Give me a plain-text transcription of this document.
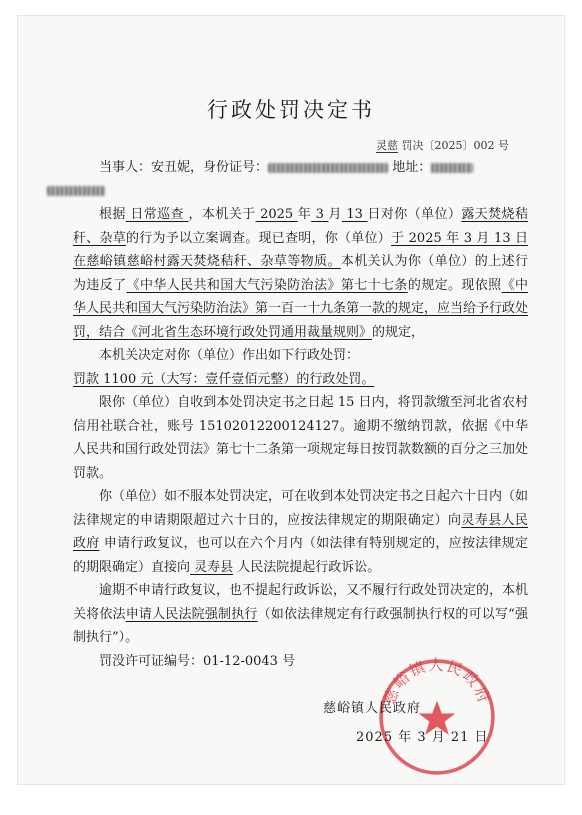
行政处罚决定书
灵慈 罚决〔2025〕002 号

当事人：安丑妮，身份证号：	地址：

根据 日常巡查 ，本机关于 2025 年 3 月 13 日对你（单位）露天焚烧秸秆、杂草的行为予以立案调查。现已查明，你（单位）于 2025 年 3 月 13 日在慈峪镇慈峪村露天焚烧秸秆、杂草等物质。本机关认为你（单位）的上述行为违反了《中华人民共和国大气污染防治法》第七十七条的规定。现依照《中华人民共和国大气污染防治法》第一百一十九条第一款的规定，应当给予行政处罚，结合《河北省生态环境行政处罚通用裁量规则》的规定，

本机关决定对你（单位）作出如下行政处罚：
罚款 1100 元（大写：壹仟壹佰元整）的行政处罚。

限你（单位）自收到本处罚决定书之日起 15 日内，将罚款缴至河北省农村信用社联合社，账号 15102012200124127。逾期不缴纳罚款，依据《中华人民共和国行政处罚法》第七十二条第一项规定每日按罚款数额的百分之三加处罚款。

你（单位）如不服本处罚决定，可在收到本处罚决定书之日起六十日内（如法律规定的申请期限超过六十日的，应按法律规定的期限确定）向灵寿县人民政府 申请行政复议，也可以在六个月内（如法律有特别规定的，应按法律规定的期限确定）直接向 灵寿县 人民法院提起行政诉讼。

逾期不申请行政复议，也不提起行政诉讼，又不履行行政处罚决定的，本机关将依法申请人民法院强制执行（如依法律规定有行政强制执行权的可以写“强制执行”）。

罚没许可证编号：01-12-0043 号

慈峪镇人民政府
慈峪镇人民政府
2025 年 3 月 21 日
